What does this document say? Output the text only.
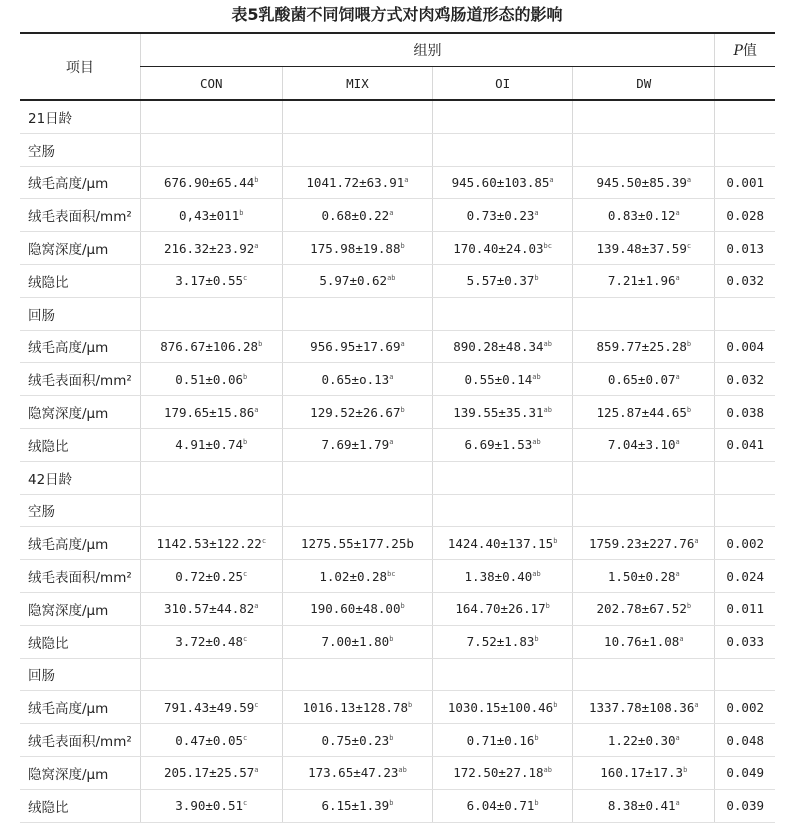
表5乳酸菌不同饲喂方式对肉鸡肠道形态的影响
项目	组别				P值
	CON	MIX	OI	DW	
21日龄					
空肠					
绒毛高度/μm	676.90±65.44$^b$	1041.72±63.91$^a$	945.60±103.85$^a$	945.50±85.39$^a$	0.001
绒毛表面积/mm²	$0,43\pm 011^b$	0.68±0.22$^a$	0.73±0.23$^a$	0.83±0.12$^a$	0.028
隐窝深度/μm	216.32±23.92$^a$	175.98±19.88$^b$	170.40±24.03$^{bc}$	139.48±37.59$^c$	0.013
绒隐比	3.17±0.55$^c$	5.97±0.62$^{ab}$	5.57±0.37$^b$	7.21±1.96$^a$	0.032
回肠					
绒毛高度/μm	876.67±106.28$^b$	956.95±17.69$^a$	890.28±48.34$^{ab}$	859.77±25.28$^b$	0.004
绒毛表面积/mm²	0.51±0.06$^b$	0.65±o.13$^a$	0.55±0.14$^{ab}$	0.65±0.07$^a$	0.032
隐窝深度/μm	179.65±15.86$^a$	129.52±26.67$^b$	139.55±35.31$^{ab}$	125.87±44.65$^b$	0.038
绒隐比	4.91±0.74$^b$	7.69±1.79$^a$	6.69±1.53$^{ab}$	7.04±3.10$^a$	0.041
42日龄					
空肠					
绒毛高度/μm	1142.53±122.22$^c$	1275.55±177.25b	1424.40±137.15$^b$	1759.23±227.76$^a$	0.002
绒毛表面积/mm²	0.72±0.25$^c$	1.02±0.28$^{bc}$	1.38±0.40$^{ab}$	1.50±0.28$^a$	0.024
隐窝深度/μm	310.57±44.82$^a$	190.60±48.00$^b$	164.70±26.17$^b$	202.78±67.52$^b$	0.011
绒隐比	3.72±0.48$^c$	7.00±1.80$^b$	7.52±1.83$^b$	10.76±1.08$^a$	0.033
回肠					
绒毛高度/μm	791.43±49.59$^c$	1016.13±128.78$^b$	1030.15±100.46$^b$	1337.78±108.36$^a$	0.002
绒毛表面积/mm²	0.47±0.05$^c$	0.75±0.23$^b$	0.71±0.16$^b$	1.22±0.30$^a$	0.048
隐窝深度/μm	205.17±25.57$^a$	173.65±47.23$^{ab}$	172.50±27.18$^{ab}$	160.17±17.3$^b$	0.049
绒隐比	3.90±0.51$^c$	6.15±1.39$^b$	6.04±0.71$^b$	8.38±0.41$^a$	0.039
